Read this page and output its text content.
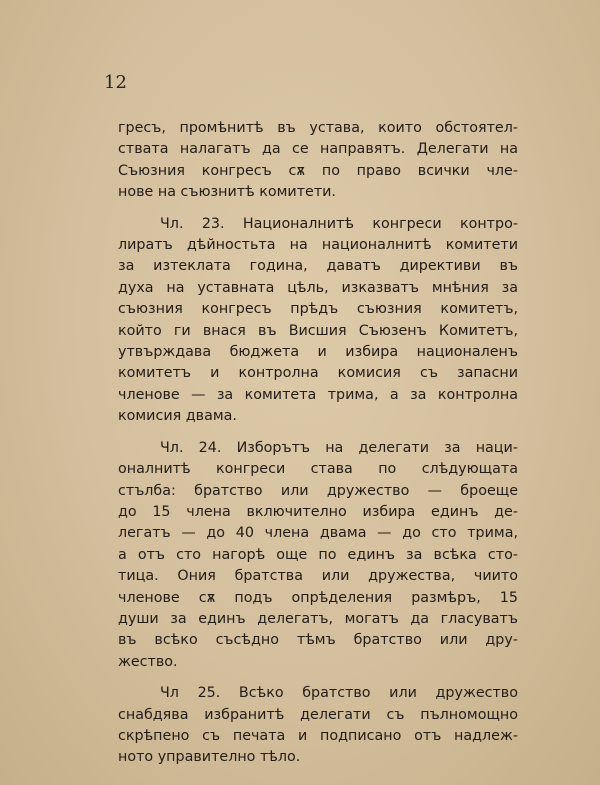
12
гресъ, промѣнитѣ въ устава, които обстоятел-
ствата налагатъ да се направятъ. Делегати на
Съюзния конгресъ сѫ по право всички чле-
нове на съюзнитѣ комитети.
Чл. 23. Националнитѣ конгреси контро-
лиратъ дѣйностьта на националнитѣ комитети
за изтеклата година, даватъ директиви въ
духа на уставната цѣль, изказватъ мнѣния за
съюзния конгресъ прѣдъ съюзния комитетъ,
който ги внася въ Висшия Съюзенъ Комитетъ,
утвърждава бюджета и избира националенъ
комитетъ и контролна комисия съ запасни
членове — за комитета трима, а за контролна
комисия двама.
Чл. 24. Изборътъ на делегати за наци-
оналнитѣ конгреси става по слѣдующата
стълба: братство или дружество — броеще
до 15 члена включително избира единъ де-
легатъ — до 40 члена двама — до сто трима,
а отъ сто нагорѣ още по единъ за всѣка сто-
тица. Ония братства или дружества, чиито
членове сѫ подъ опрѣделения размѣръ, 15
души за единъ делегатъ, могатъ да гласуватъ
въ всѣко съсѣдно тѣмъ братство или дру-
жество.
Чл 25. Всѣко братство или дружество
снабдява избранитѣ делегати съ пълномощно
скрѣпено съ печата и подписано отъ надлеж-
ното управително тѣло.
